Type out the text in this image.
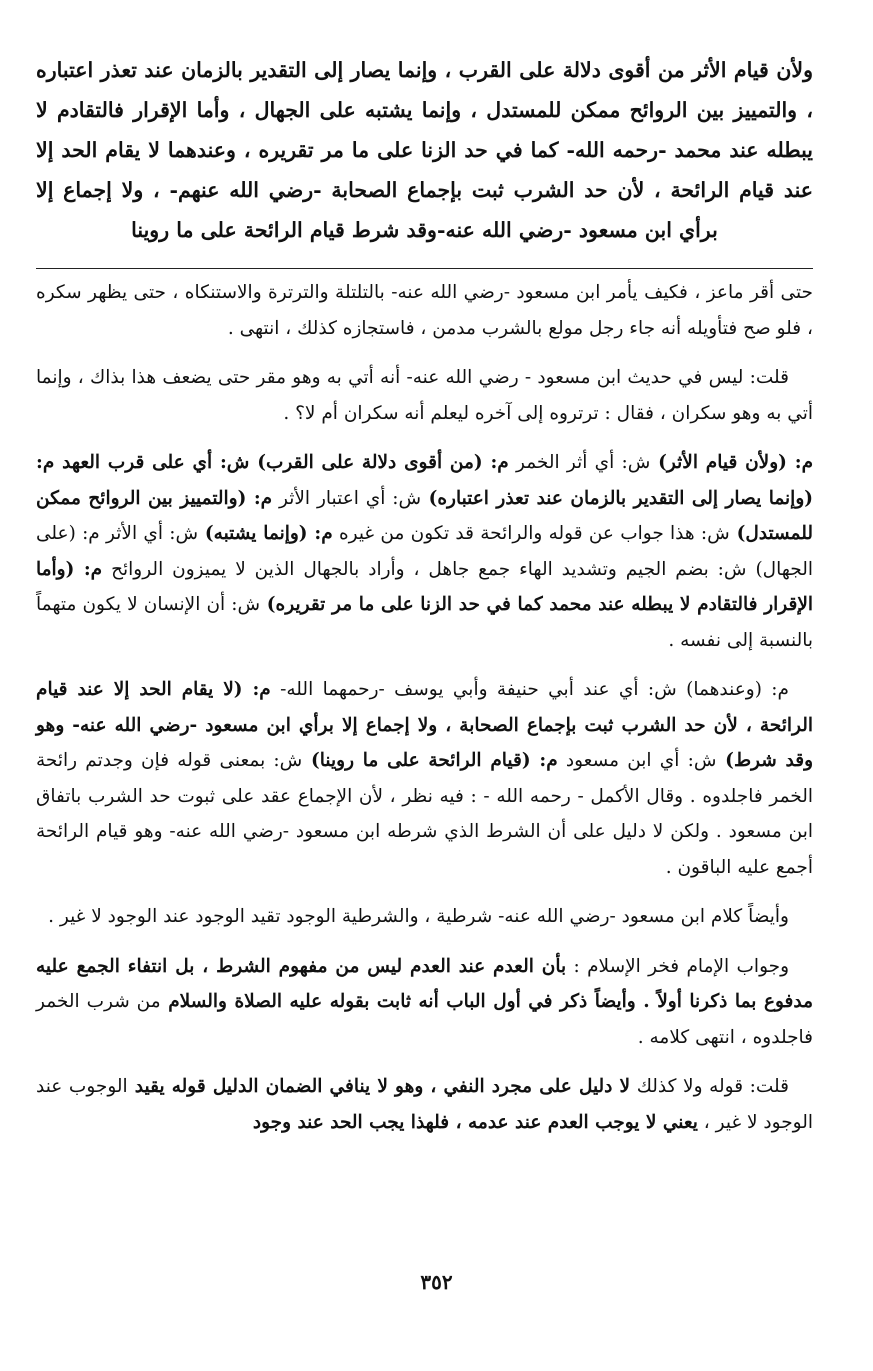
ولأن قيام الأثر من أقوى دلالة على القرب ، وإنما يصار إلى التقدير بالزمان عند تعذر اعتباره ، والتمييز بين الروائح ممكن للمستدل ، وإنما يشتبه على الجهال ، وأما الإقرار فالتقادم لا يبطله عند محمد -رحمه الله- كما في حد الزنا على ما مر تقريره ، وعندهما لا يقام الحد إلا عند قيام الرائحة ، لأن حد الشرب ثبت بإجماع الصحابة -رضي الله عنهم- ، ولا إجماع إلا برأي ابن مسعود -رضي الله عنه-وقد شرط قيام الرائحة على ما روينا

حتى أقر ماعز ، فكيف يأمر ابن مسعود -رضي الله عنه- بالتلتلة والترترة والاستنكاه ، حتى يظهر سكره ، فلو صح فتأويله أنه جاء رجل مولع بالشرب مدمن ، فاستجازه كذلك ، انتهى .

قلت: ليس في حديث ابن مسعود - رضي الله عنه- أنه أتي به وهو مقر حتى يضعف هذا بذاك ، وإنما أتي به وهو سكران ، فقال : ترتروه إلى آخره ليعلم أنه سكران أم لا؟ .

م: (ولأن قيام الأثر) ش: أي أثر الخمر م: (من أقوى دلالة على القرب) ش: أي على قرب العهد م: (وإنما يصار إلى التقدير بالزمان عند تعذر اعتباره) ش: أي اعتبار الأثر م: (والتمييز بين الروائح ممكن للمستدل) ش: هذا جواب عن قوله والرائحة قد تكون من غيره م: (وإنما يشتبه) ش: أي الأثر م: (على الجهال) ش: بضم الجيم وتشديد الهاء جمع جاهل ، وأراد بالجهال الذين لا يميزون الروائح م: (وأما الإقرار فالتقادم لا يبطله عند محمد كما في حد الزنا على ما مر تقريره) ش: أن الإنسان لا يكون متهماً بالنسبة إلى نفسه .

م: (وعندهما) ش: أي عند أبي حنيفة وأبي يوسف -رحمهما الله- م: (لا يقام الحد إلا عند قيام الرائحة ، لأن حد الشرب ثبت بإجماع الصحابة ، ولا إجماع إلا برأي ابن مسعود -رضي الله عنه- وهو وقد شرط) ش: أي ابن مسعود م: (قيام الرائحة على ما روينا) ش: بمعنى قوله فإن وجدتم رائحة الخمر فاجلدوه . وقال الأكمل - رحمه الله - : فيه نظر ، لأن الإجماع عقد على ثبوت حد الشرب باتفاق ابن مسعود . ولكن لا دليل على أن الشرط الذي شرطه ابن مسعود -رضي الله عنه- وهو قيام الرائحة أجمع عليه الباقون .

وأيضاً كلام ابن مسعود -رضي الله عنه- شرطية ، والشرطية الوجود تقيد الوجود عند الوجود لا غير .

وجواب الإمام فخر الإسلام : بأن العدم عند العدم ليس من مفهوم الشرط ، بل انتفاء الجمع عليه مدفوع بما ذكرنا أولاً . وأيضاً ذكر في أول الباب أنه ثابت بقوله عليه الصلاة والسلام من شرب الخمر فاجلدوه ، انتهى كلامه .

قلت: قوله ولا كذلك لا دليل على مجرد النفي ، وهو لا ينافي الضمان الدليل قوله يقيد الوجوب عند الوجود لا غير ، يعني لا يوجب العدم عند عدمه ، فلهذا يجب الحد عند وجود

٣٥٢
